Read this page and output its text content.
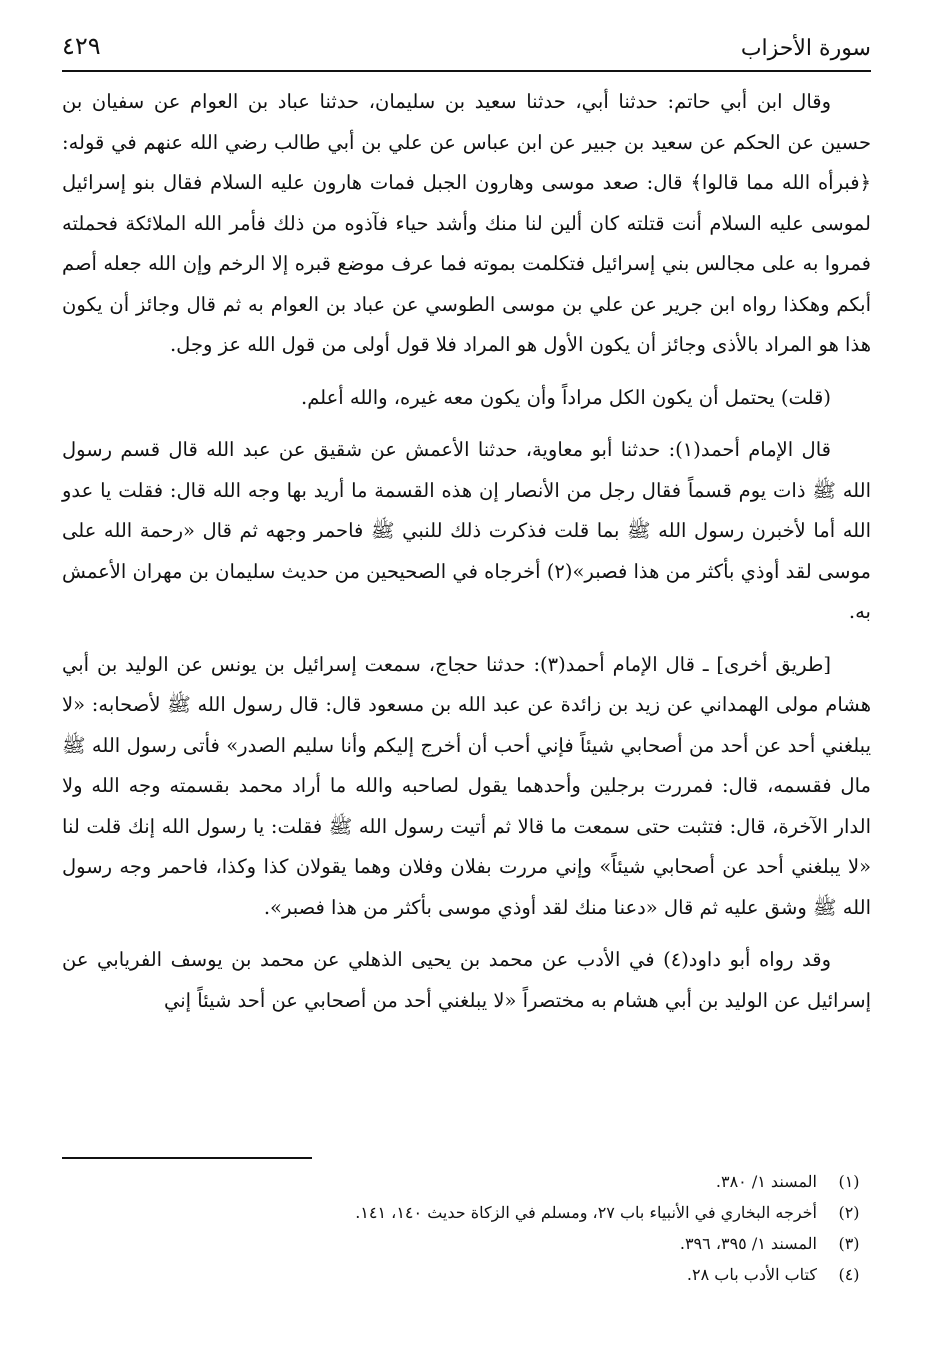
سورة الأحزاب
٤٢٩

وقال ابن أبي حاتم: حدثنا أبي، حدثنا سعيد بن سليمان، حدثنا عباد بن العوام عن سفيان بن حسين عن الحكم عن سعيد بن جبير عن ابن عباس عن علي بن أبي طالب رضي الله عنهم في قوله: ﴿فبرأه الله مما قالوا﴾ قال: صعد موسى وهارون الجبل فمات هارون عليه السلام فقال بنو إسرائيل لموسى عليه السلام أنت قتلته كان ألين لنا منك وأشد حياء فآذوه من ذلك فأمر الله الملائكة فحملته فمروا به على مجالس بني إسرائيل فتكلمت بموته فما عرف موضع قبره إلا الرخم وإن الله جعله أصم أبكم وهكذا رواه ابن جرير عن علي بن موسى الطوسي عن عباد بن العوام به ثم قال وجائز أن يكون هذا هو المراد بالأذى وجائز أن يكون الأول هو المراد فلا قول أولى من قول الله عز وجل.

(قلت) يحتمل أن يكون الكل مراداً وأن يكون معه غيره، والله أعلم.

قال الإمام أحمد(١): حدثنا أبو معاوية، حدثنا الأعمش عن شقيق عن عبد الله قال قسم رسول الله ﷺ ذات يوم قسماً فقال رجل من الأنصار إن هذه القسمة ما أريد بها وجه الله قال: فقلت يا عدو الله أما لأخبرن رسول الله ﷺ بما قلت فذكرت ذلك للنبي ﷺ فاحمر وجهه ثم قال «رحمة الله على موسى لقد أوذي بأكثر من هذا فصبر»(٢) أخرجاه في الصحيحين من حديث سليمان بن مهران الأعمش به.

[طريق أخرى] ـ قال الإمام أحمد(٣): حدثنا حجاج، سمعت إسرائيل بن يونس عن الوليد بن أبي هشام مولى الهمداني عن زيد بن زائدة عن عبد الله بن مسعود قال: قال رسول الله ﷺ لأصحابه: «لا يبلغني أحد عن أحد من أصحابي شيئاً فإني أحب أن أخرج إليكم وأنا سليم الصدر» فأتى رسول الله ﷺ مال فقسمه، قال: فمررت برجلين وأحدهما يقول لصاحبه والله ما أراد محمد بقسمته وجه الله ولا الدار الآخرة، قال: فتثبت حتى سمعت ما قالا ثم أتيت رسول الله ﷺ فقلت: يا رسول الله إنك قلت لنا «لا يبلغني أحد عن أصحابي شيئاً» وإني مررت بفلان وفلان وهما يقولان كذا وكذا، فاحمر وجه رسول الله ﷺ وشق عليه ثم قال «دعنا منك لقد أوذي موسى بأكثر من هذا فصبر».

وقد رواه أبو داود(٤) في الأدب عن محمد بن يحيى الذهلي عن محمد بن يوسف الفريابي عن إسرائيل عن الوليد بن أبي هشام به مختصراً «لا يبلغني أحد من أصحابي عن أحد شيئاً إني

(١)
المسند ١/ ٣٨٠.
(٢)
أخرجه البخاري في الأنبياء باب ٢٧، ومسلم في الزكاة حديث ١٤٠، ١٤١.
(٣)
المسند ١/ ٣٩٥، ٣٩٦.
(٤)
كتاب الأدب باب ٢٨.
